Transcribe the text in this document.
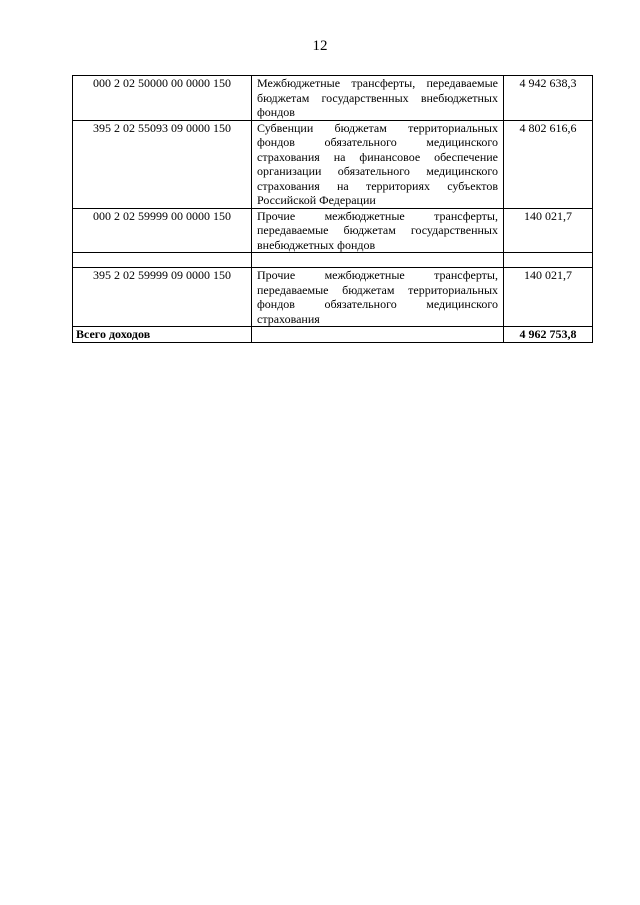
12
000 2 02 50000 00 0000 150	Межбюджетные трансферты, передаваемые бюджетам государственных внебюджетных фондов	4 942 638,3
395 2 02 55093 09 0000 150	Субвенции бюджетам территориальных фондов обязательного медицинского страхования на финансовое обеспечение организации обязательного медицинского страхования на территориях субъектов Российской Федерации	4 802 616,6
000 2 02 59999 00 0000 150	Прочие межбюджетные трансферты, передаваемые бюджетам государственных внебюджетных фондов	140 021,7

395 2 02 59999 09 0000 150	Прочие межбюджетные трансферты, передаваемые бюджетам территориальных фондов обязательного медицинского страхования	140 021,7
Всего доходов		4 962 753,8
